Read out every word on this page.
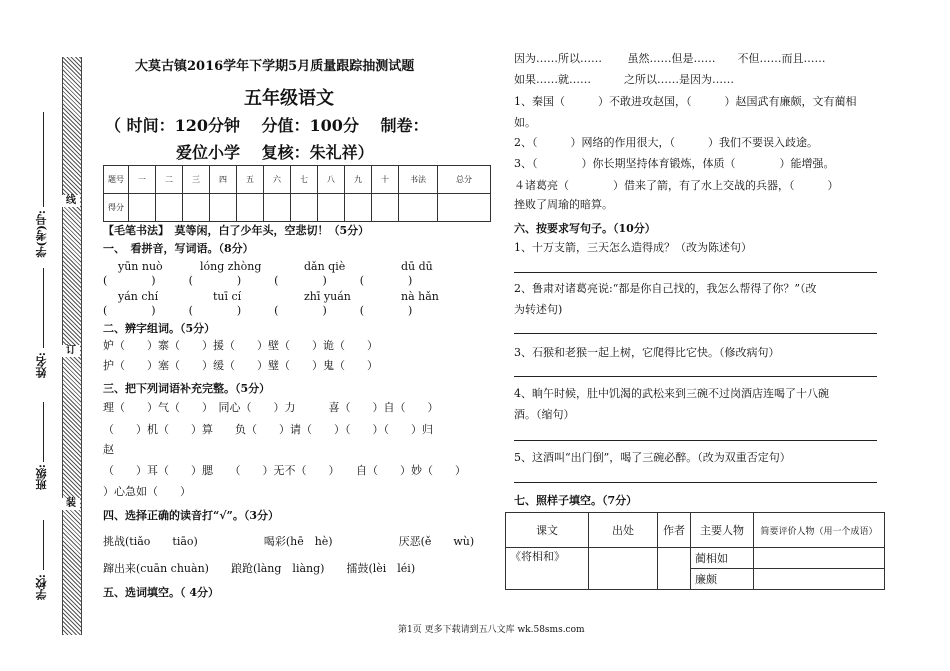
线
订
装
学(考)号:
姓名:
班级:
学校:
大莫古镇2016学年下学期5月质量跟踪抽测试题
五年级语文
（ 时间：120分钟　 分值：100分　 制卷：
爱位小学　 复核：朱礼祥）
题号	一	二	三	四	五	六	七	八	九	十	书法	总分
得分												
【毛笔书法】　莫等闲，白了少年头，空悲切！（5分）
一、　看拼音，写词语。（8分）
yūn nuò	lóng zhòng	dǎn qiè	dū dū
(　　　　)　　　(　　　　)　　　(　　　　)　　　(　　　　)
yán chí	tuī cí	zhī yuán	nà hǎn
(　　　　)　　　(　　　　)　　　(　　　　)　　　(　　　　)
二、辨字组词。（5分）
妒（　　）寨（　　）援（　　）壁（　　）诡（　　）
护（　　）塞（　　）缓（　　）璧（　　）鬼（　　）
三、把下列词语补充完整。（5分）
理（　　）气（　　）　同心（　　）力　　　喜（　　）自（　　）
（　　）机（　　）算　　负（　　）请（　　）（　　）（　　）归
赵
（　　）耳（　　）腮　　（　　）无不（　　）　　自（　　）妙（　　）
）心急如（　　）
四、选择正确的读音打“√”。（3分）
挑战(tiǎo　　tiāo)　　　　　　喝彩(hē　hè)　　　　　　厌恶(ě　　wù)
蹿出来(cuān chuàn)　　踉跄(làng　liàng)　　擂鼓(lèi　léi)
五、选词填空。（ 4分）
因为……所以……　　 虽然……但是……　　不但……而且……
如果……就……　　　之所以……是因为……
1、秦国（　　　）不敢进攻赵国，（　　　）赵国武有廉颇，文有蔺相
如。
2、（　　　）网络的作用很大，（　　　）我们不要误入歧途。
3、（　　　　）你长期坚持体育锻炼，体质（　　　　）能增强。
４诸葛亮（　　　　）借来了箭，有了水上交战的兵器，（　　　）
挫败了周瑜的暗算。
六、按要求写句子。（10分）
1、十万支箭，三天怎么造得成？（改为陈述句）
2、鲁肃对诸葛亮说:“都是你自己找的，我怎么帮得了你？”（改
为转述句)
3、石猴和老猴一起上树，它爬得比它快。（修改病句）
4、晌午时候，肚中饥渴的武松来到三碗不过岗酒店连喝了十八碗
酒。（缩句）
5、这酒叫“出门倒”，喝了三碗必醉。（改为双重否定句）
七、照样子填空。（7分）
课文	出处	作者	主要人物	简要评价人物（用一个成语）
《将相和》			蔺相如	
			廉颇	
第1页 更多下载请到五八文库 wk.58sms.com
